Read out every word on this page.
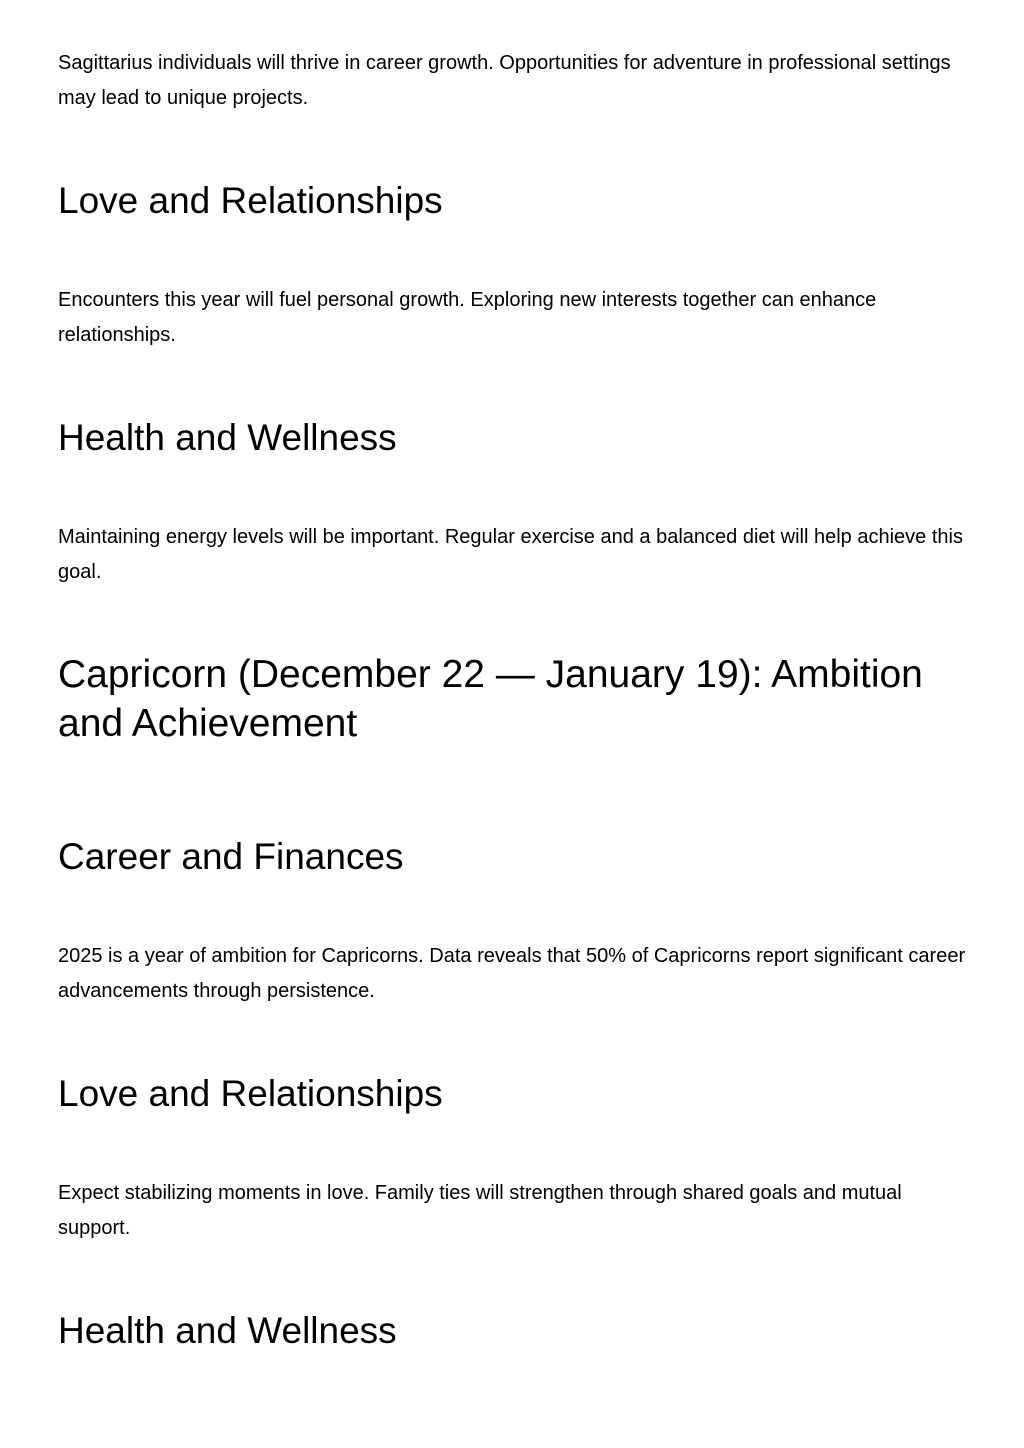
Sagittarius individuals will thrive in career growth. Opportunities for adventure in professional settings may lead to unique projects.

Love and Relationships

Encounters this year will fuel personal growth. Exploring new interests together can enhance relationships.

Health and Wellness

Maintaining energy levels will be important. Regular exercise and a balanced diet will help achieve this goal.

Capricorn (December 22 — January 19): Ambition and Achievement
Career and Finances

2025 is a year of ambition for Capricorns. Data reveals that 50% of Capricorns report significant career advancements through persistence.

Love and Relationships

Expect stabilizing moments in love. Family ties will strengthen through shared goals and mutual support.

Health and Wellness
